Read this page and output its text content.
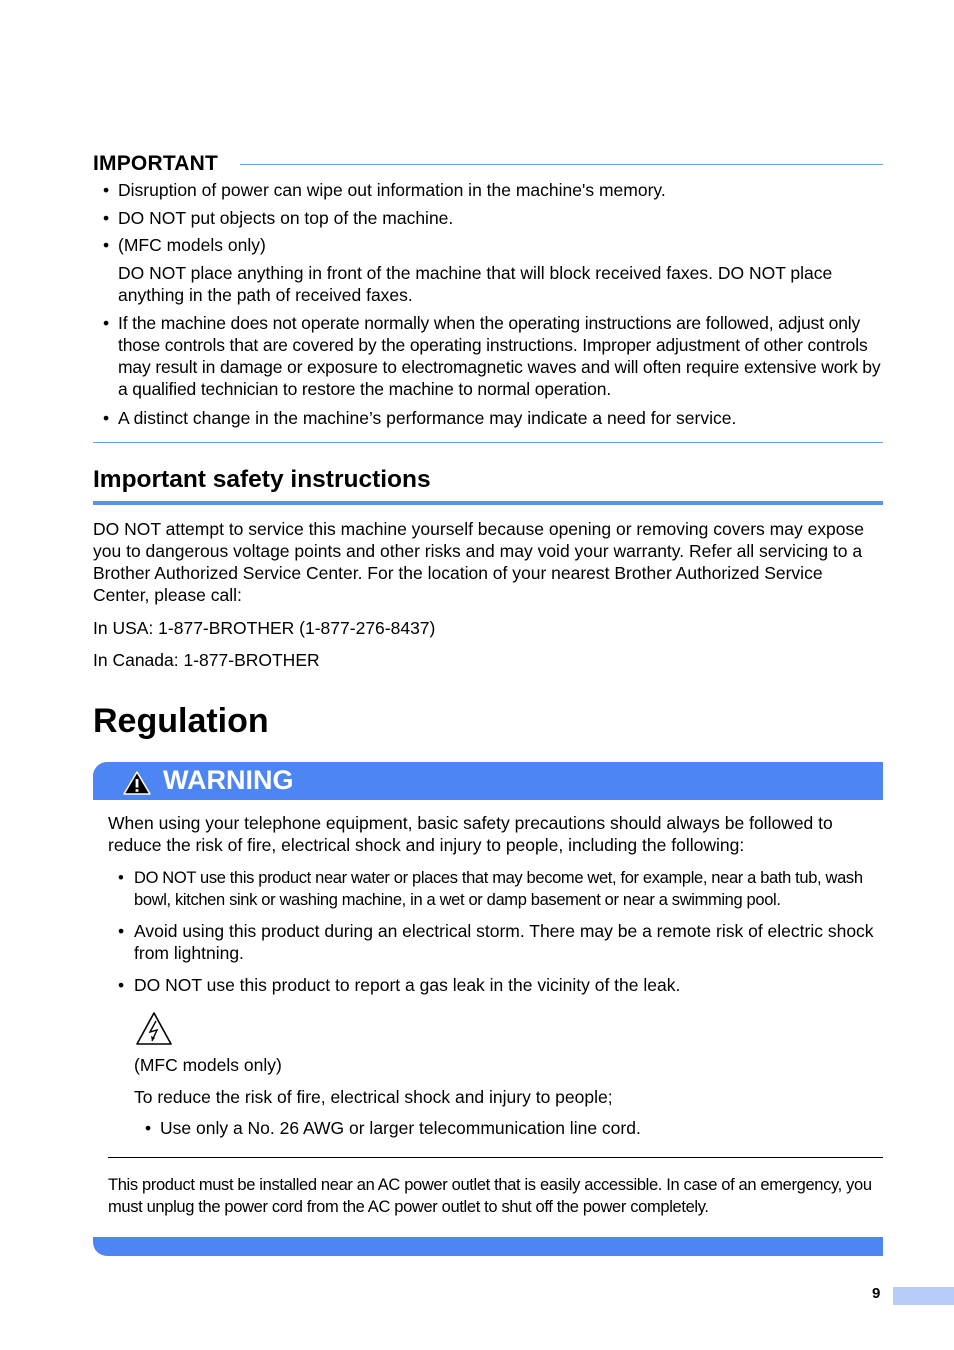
IMPORTANT
• Disruption of power can wipe out information in the machine's memory.
• DO NOT put objects on top of the machine.
• (MFC models only)
DO NOT place anything in front of the machine that will block received faxes. DO NOT place anything in the path of received faxes.
• If the machine does not operate normally when the operating instructions are followed, adjust only those controls that are covered by the operating instructions. Improper adjustment of other controls may result in damage or exposure to electromagnetic waves and will often require extensive work by a qualified technician to restore the machine to normal operation.
• A distinct change in the machine’s performance may indicate a need for service.
Important safety instructions
DO NOT attempt to service this machine yourself because opening or removing covers may expose you to dangerous voltage points and other risks and may void your warranty. Refer all servicing to a Brother Authorized Service Center. For the location of your nearest Brother Authorized Service Center, please call:
In USA: 1-877-BROTHER (1-877-276-8437)
In Canada: 1-877-BROTHER
Regulation
WARNING
When using your telephone equipment, basic safety precautions should always be followed to reduce the risk of fire, electrical shock and injury to people, including the following:
• DO NOT use this product near water or places that may become wet, for example, near a bath tub, wash bowl, kitchen sink or washing machine, in a wet or damp basement or near a swimming pool.
• Avoid using this product during an electrical storm. There may be a remote risk of electric shock from lightning.
• DO NOT use this product to report a gas leak in the vicinity of the leak.
(MFC models only)
To reduce the risk of fire, electrical shock and injury to people;
• Use only a No. 26 AWG or larger telecommunication line cord.
This product must be installed near an AC power outlet that is easily accessible. In case of an emergency, you must unplug the power cord from the AC power outlet to shut off the power completely.
9
